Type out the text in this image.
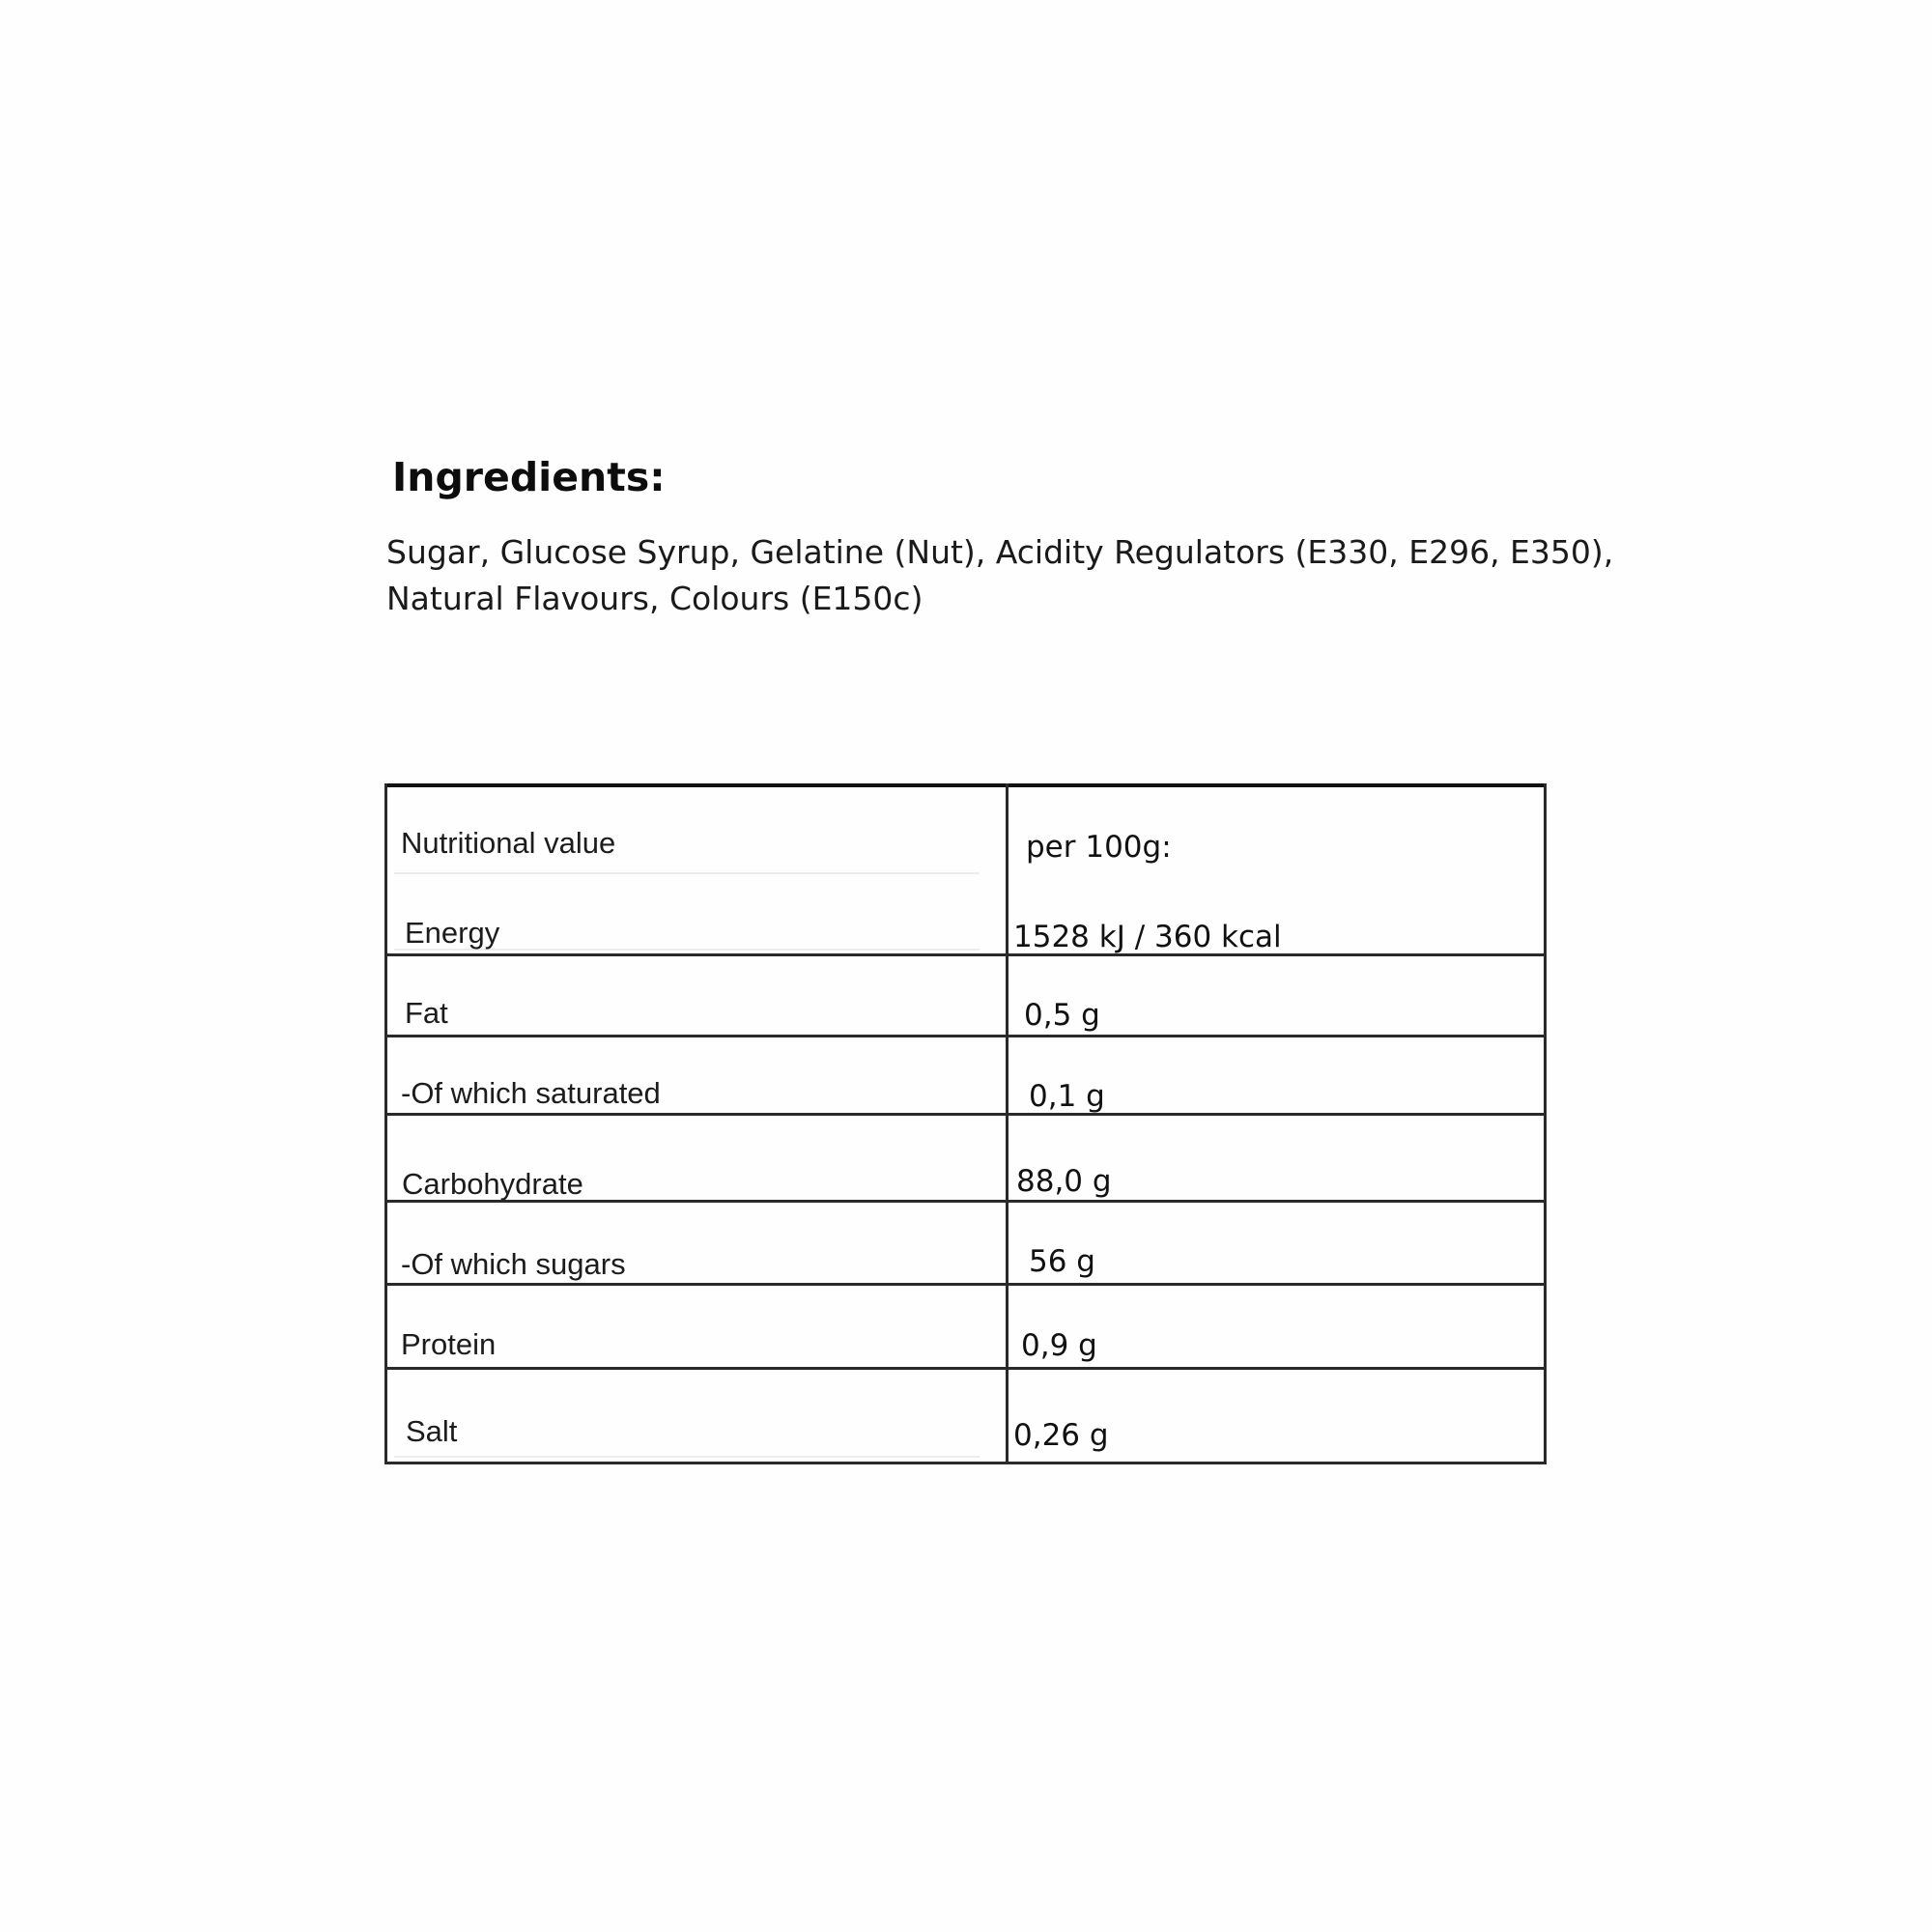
Ingredients:
Sugar, Glucose Syrup, Gelatine (Nut), Acidity Regulators (E330, E296, E350),
Natural Flavours, Colours (E150c)
Nutritional value	per 100g:
Energy	1528 kJ / 360 kcal
Fat	0,5 g
-Of which saturated	0,1 g
Carbohydrate	88,0 g
-Of which sugars	56 g
Protein	0,9 g
Salt	0,26 g
